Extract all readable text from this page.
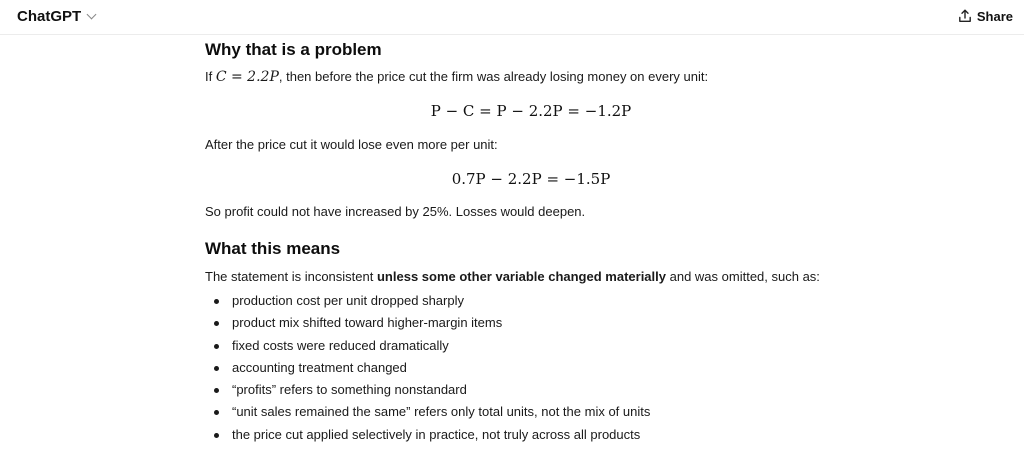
ChatGPT	Share
Why that is a problem
If C = 2.2P, then before the price cut the firm was already losing money on every unit:
P − C = P − 2.2P = −1.2P
After the price cut it would lose even more per unit:
0.7P − 2.2P = −1.5P
So profit could not have increased by 25%. Losses would deepen.
What this means
The statement is inconsistent unless some other variable changed materially and was omitted, such as:
production cost per unit dropped sharply
product mix shifted toward higher-margin items
fixed costs were reduced dramatically
accounting treatment changed
“profits” refers to something nonstandard
“unit sales remained the same” refers only total units, not the mix of units
the price cut applied selectively in practice, not truly across all products
